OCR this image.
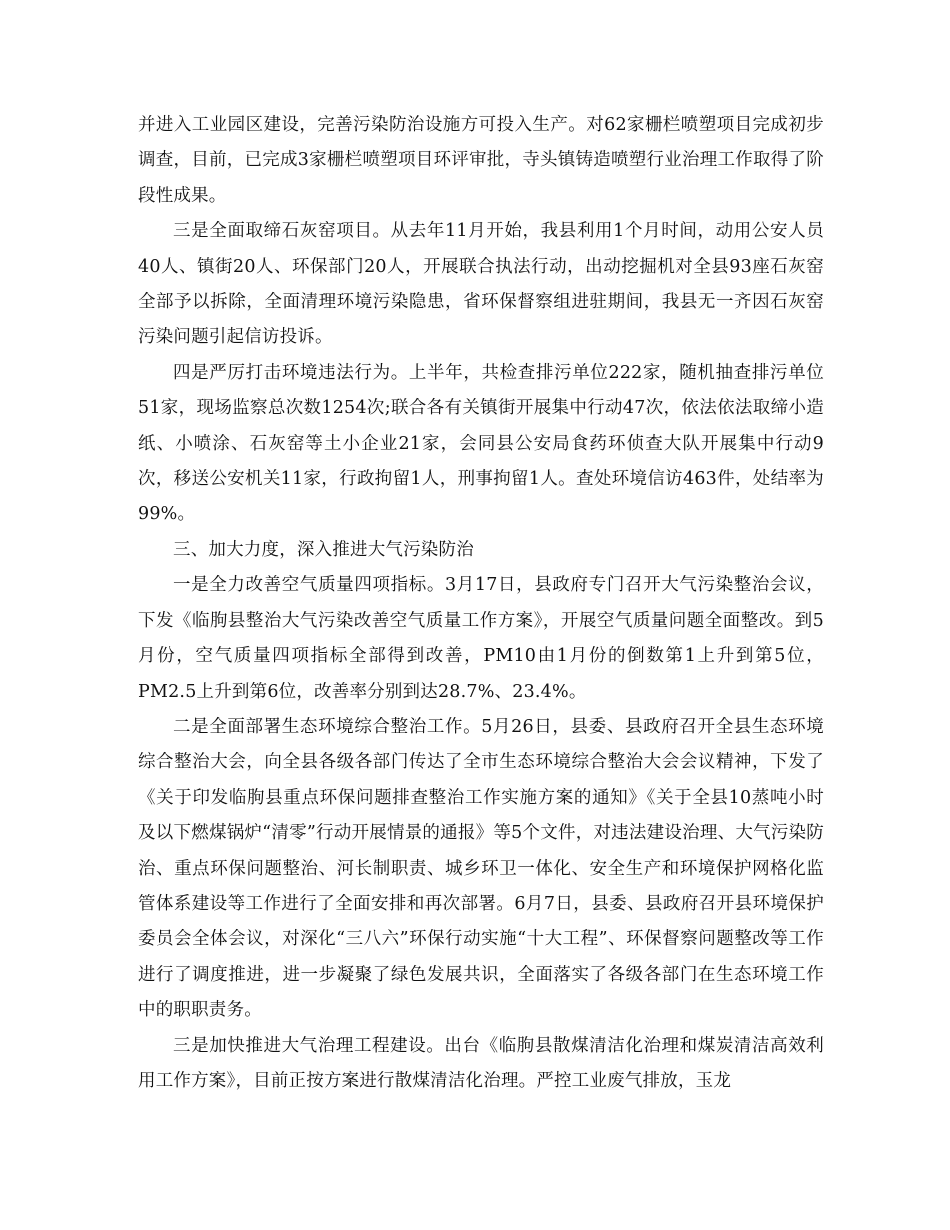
并进入工业园区建设，完善污染防治设施方可投入生产。对62家栅栏喷塑项目完成初步调查，目前，已完成3家栅栏喷塑项目环评审批，寺头镇铸造喷塑行业治理工作取得了阶段性成果。

三是全面取缔石灰窑项目。从去年11月开始，我县利用1个月时间，动用公安人员40人、镇街20人、环保部门20人，开展联合执法行动，出动挖掘机对全县93座石灰窑全部予以拆除，全面清理环境污染隐患，省环保督察组进驻期间，我县无一齐因石灰窑污染问题引起信访投诉。

四是严厉打击环境违法行为。上半年，共检查排污单位222家，随机抽查排污单位51家，现场监察总次数1254次;联合各有关镇街开展集中行动47次，依法依法取缔小造纸、小喷涂、石灰窑等土小企业21家，会同县公安局食药环侦查大队开展集中行动9次，移送公安机关11家，行政拘留1人，刑事拘留1人。查处环境信访463件，处结率为99%。

三、加大力度，深入推进大气污染防治

一是全力改善空气质量四项指标。3月17日，县政府专门召开大气污染整治会议，下发《临朐县整治大气污染改善空气质量工作方案》，开展空气质量问题全面整改。到5月份，空气质量四项指标全部得到改善，PM10由1月份的倒数第1上升到第5位，PM2.5上升到第6位，改善率分别到达28.7%、23.4%。

二是全面部署生态环境综合整治工作。5月26日，县委、县政府召开全县生态环境综合整治大会，向全县各级各部门传达了全市生态环境综合整治大会会议精神，下发了《关于印发临朐县重点环保问题排查整治工作实施方案的通知》《关于全县10蒸吨小时及以下燃煤锅炉“清零”行动开展情景的通报》等5个文件，对违法建设治理、大气污染防治、重点环保问题整治、河长制职责、城乡环卫一体化、安全生产和环境保护网格化监管体系建设等工作进行了全面安排和再次部署。6月7日，县委、县政府召开县环境保护委员会全体会议，对深化“三八六”环保行动实施“十大工程”、环保督察问题整改等工作进行了调度推进，进一步凝聚了绿色发展共识，全面落实了各级各部门在生态环境工作中的职职责务。

三是加快推进大气治理工程建设。出台《临朐县散煤清洁化治理和煤炭清洁高效利用工作方案》，目前正按方案进行散煤清洁化治理。严控工业废气排放，玉龙
